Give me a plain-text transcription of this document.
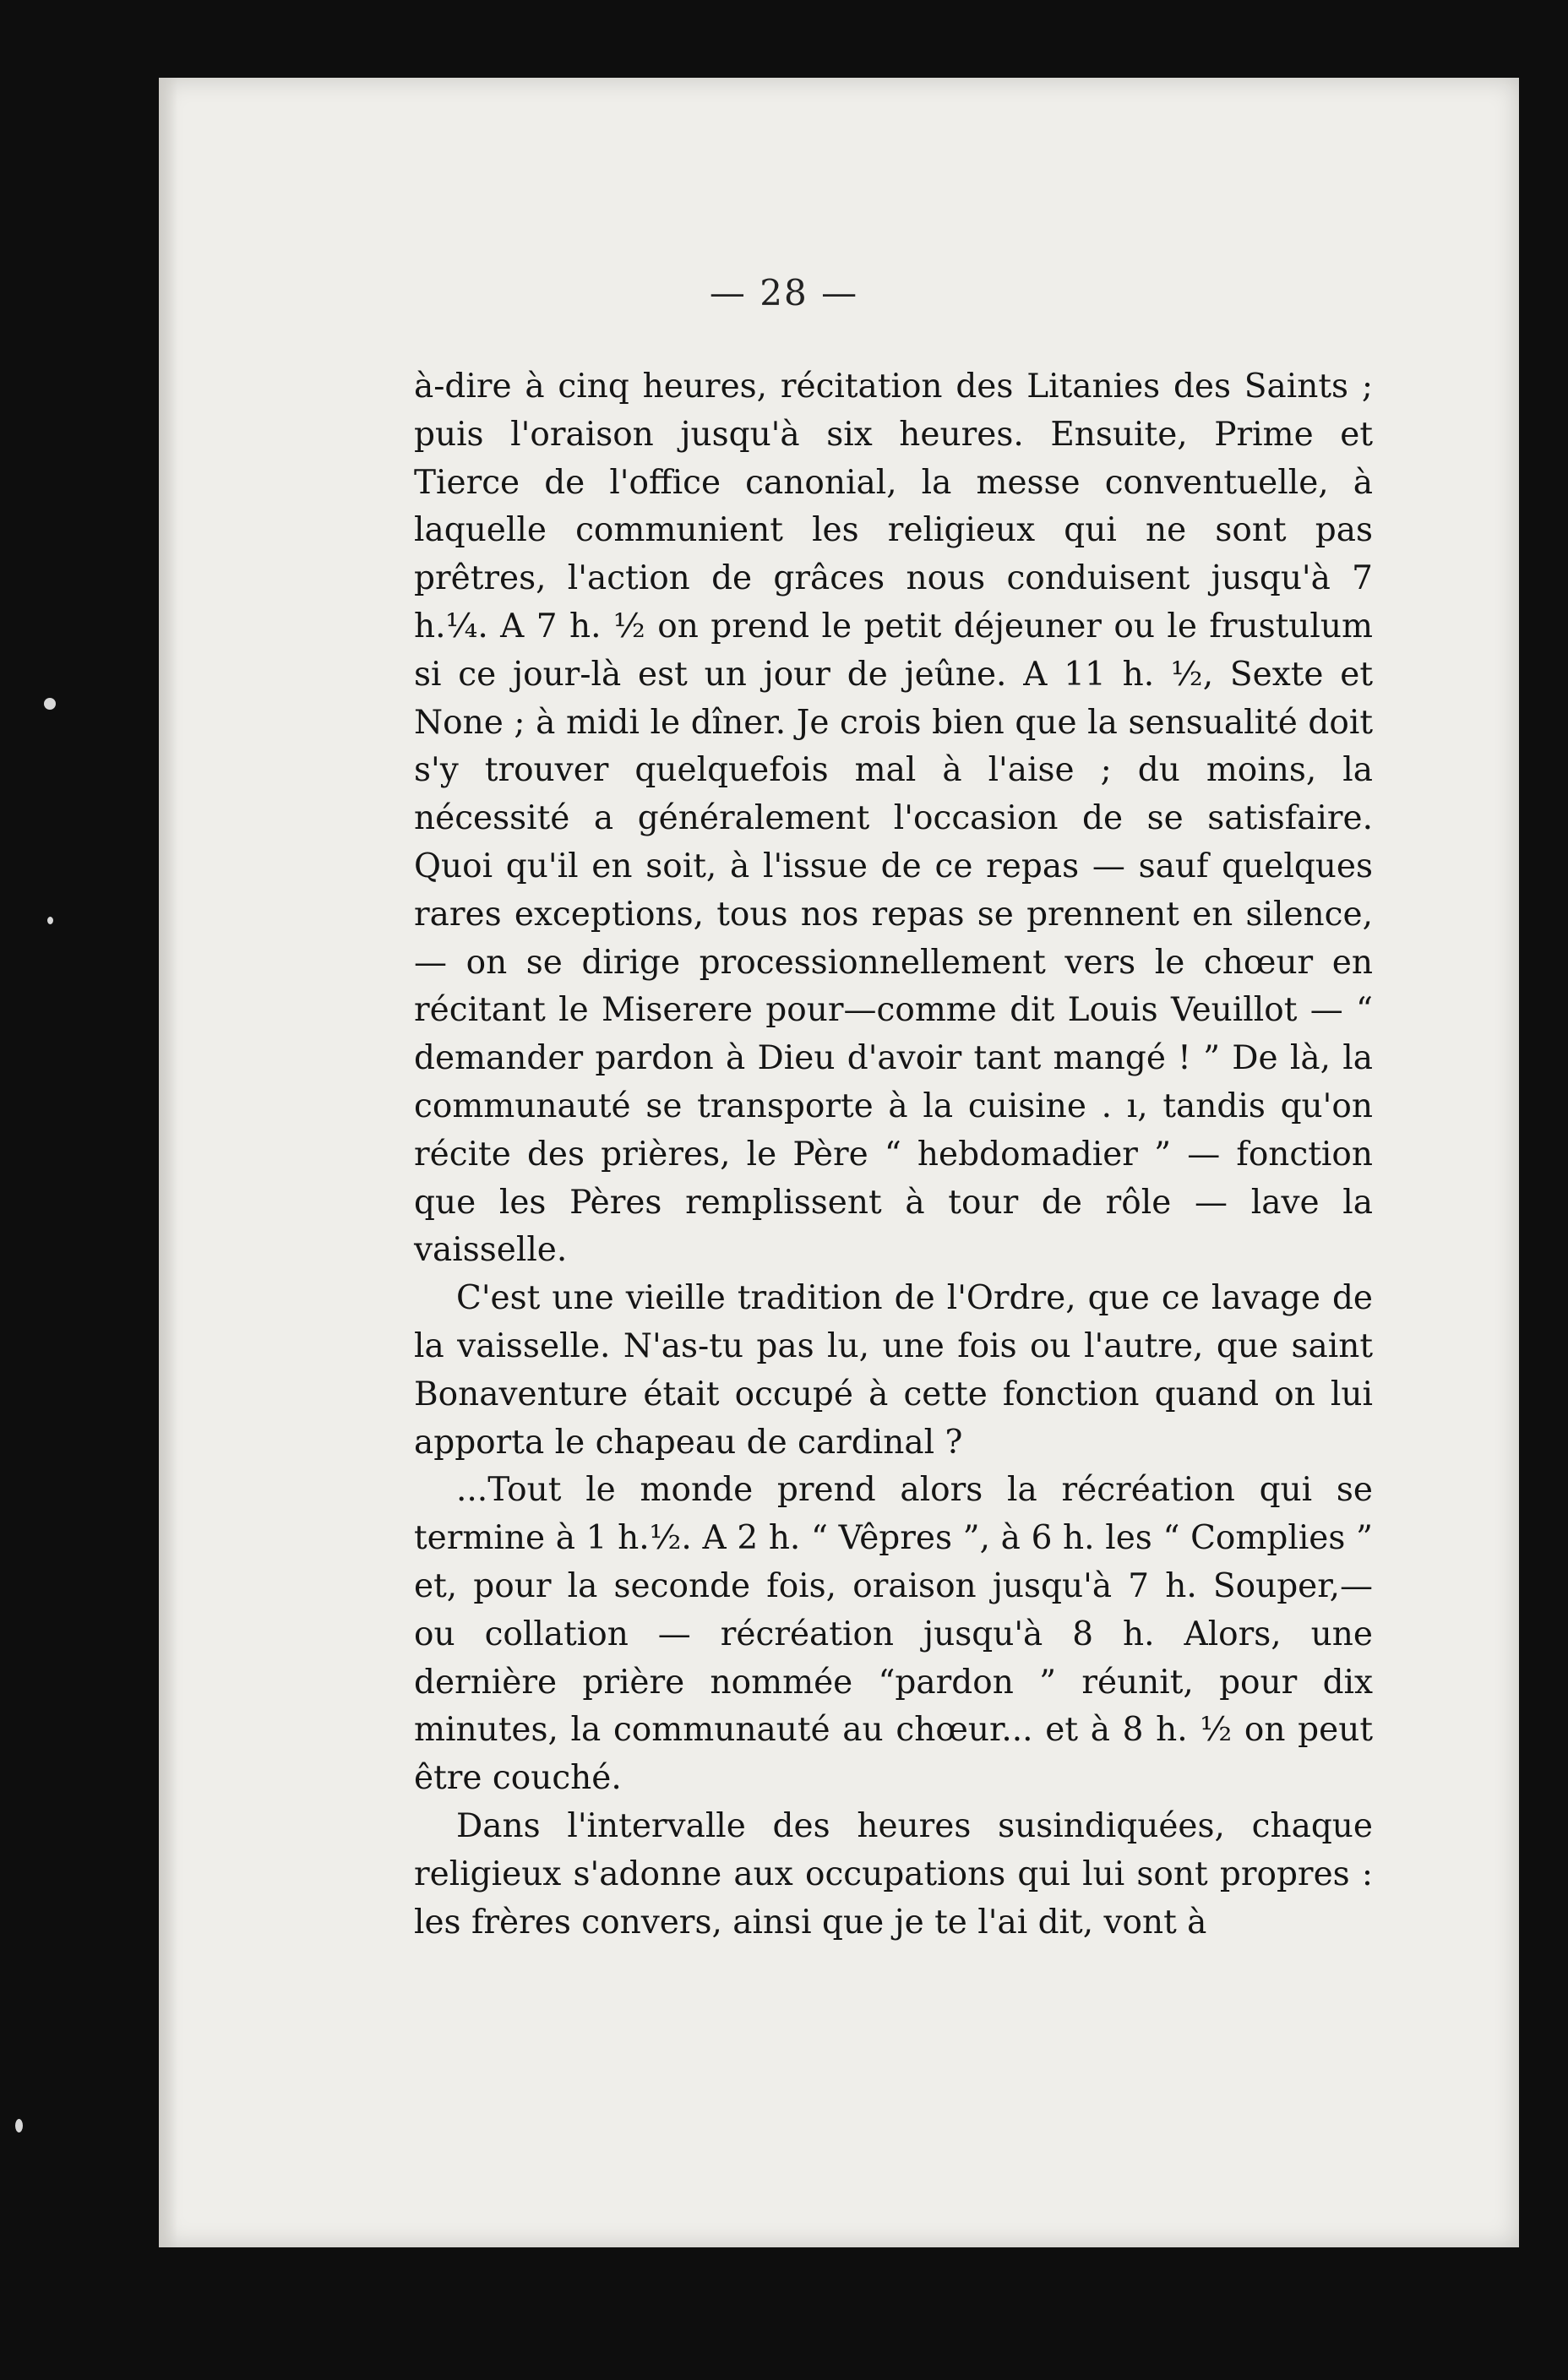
— 28 —

à-dire à cinq heures, récitation des Litanies des Saints ; puis l'oraison jusqu'à six heures. Ensuite, Prime et Tierce de l'office canonial, la messe conventuelle, à laquelle communient les religieux qui ne sont pas prêtres, l'action de grâces nous conduisent jusqu'à 7 h.¼. A 7 h. ½ on prend le petit déjeuner ou le frustulum si ce jour-là est un jour de jeûne. A 11 h. ½, Sexte et None ; à midi le dîner. Je crois bien que la sensualité doit s'y trouver quelquefois mal à l'aise ; du moins, la nécessité a généralement l'occasion de se satisfaire. Quoi qu'il en soit, à l'issue de ce repas — sauf quelques rares exceptions, tous nos repas se prennent en silence, — on se dirige processionnellement vers le chœur en récitant le Miserere pour—comme dit Louis Veuillot — “ demander pardon à Dieu d'avoir tant mangé ! ” De là, la communauté se transporte à la cuisine . ı, tandis qu'on récite des prières, le Père “ hebdomadier ” — fonction que les Pères remplissent à tour de rôle — lave la vaisselle.

C'est une vieille tradition de l'Ordre, que ce lavage de la vaisselle. N'as-tu pas lu, une fois ou l'autre, que saint Bonaventure était occupé à cette fonction quand on lui apporta le chapeau de cardinal ?

...Tout le monde prend alors la récréation qui se termine à 1 h.½. A 2 h. “ Vêpres ”, à 6 h. les “ Complies ” et, pour la seconde fois, oraison jusqu'à 7 h. Souper,— ou collation — récréation jusqu'à 8 h. Alors, une dernière prière nommée “pardon ” réunit, pour dix minutes, la communauté au chœur... et à 8 h. ½ on peut être couché.

Dans l'intervalle des heures susindiquées, chaque religieux s'adonne aux occupations qui lui sont propres : les frères convers, ainsi que je te l'ai dit, vont à
